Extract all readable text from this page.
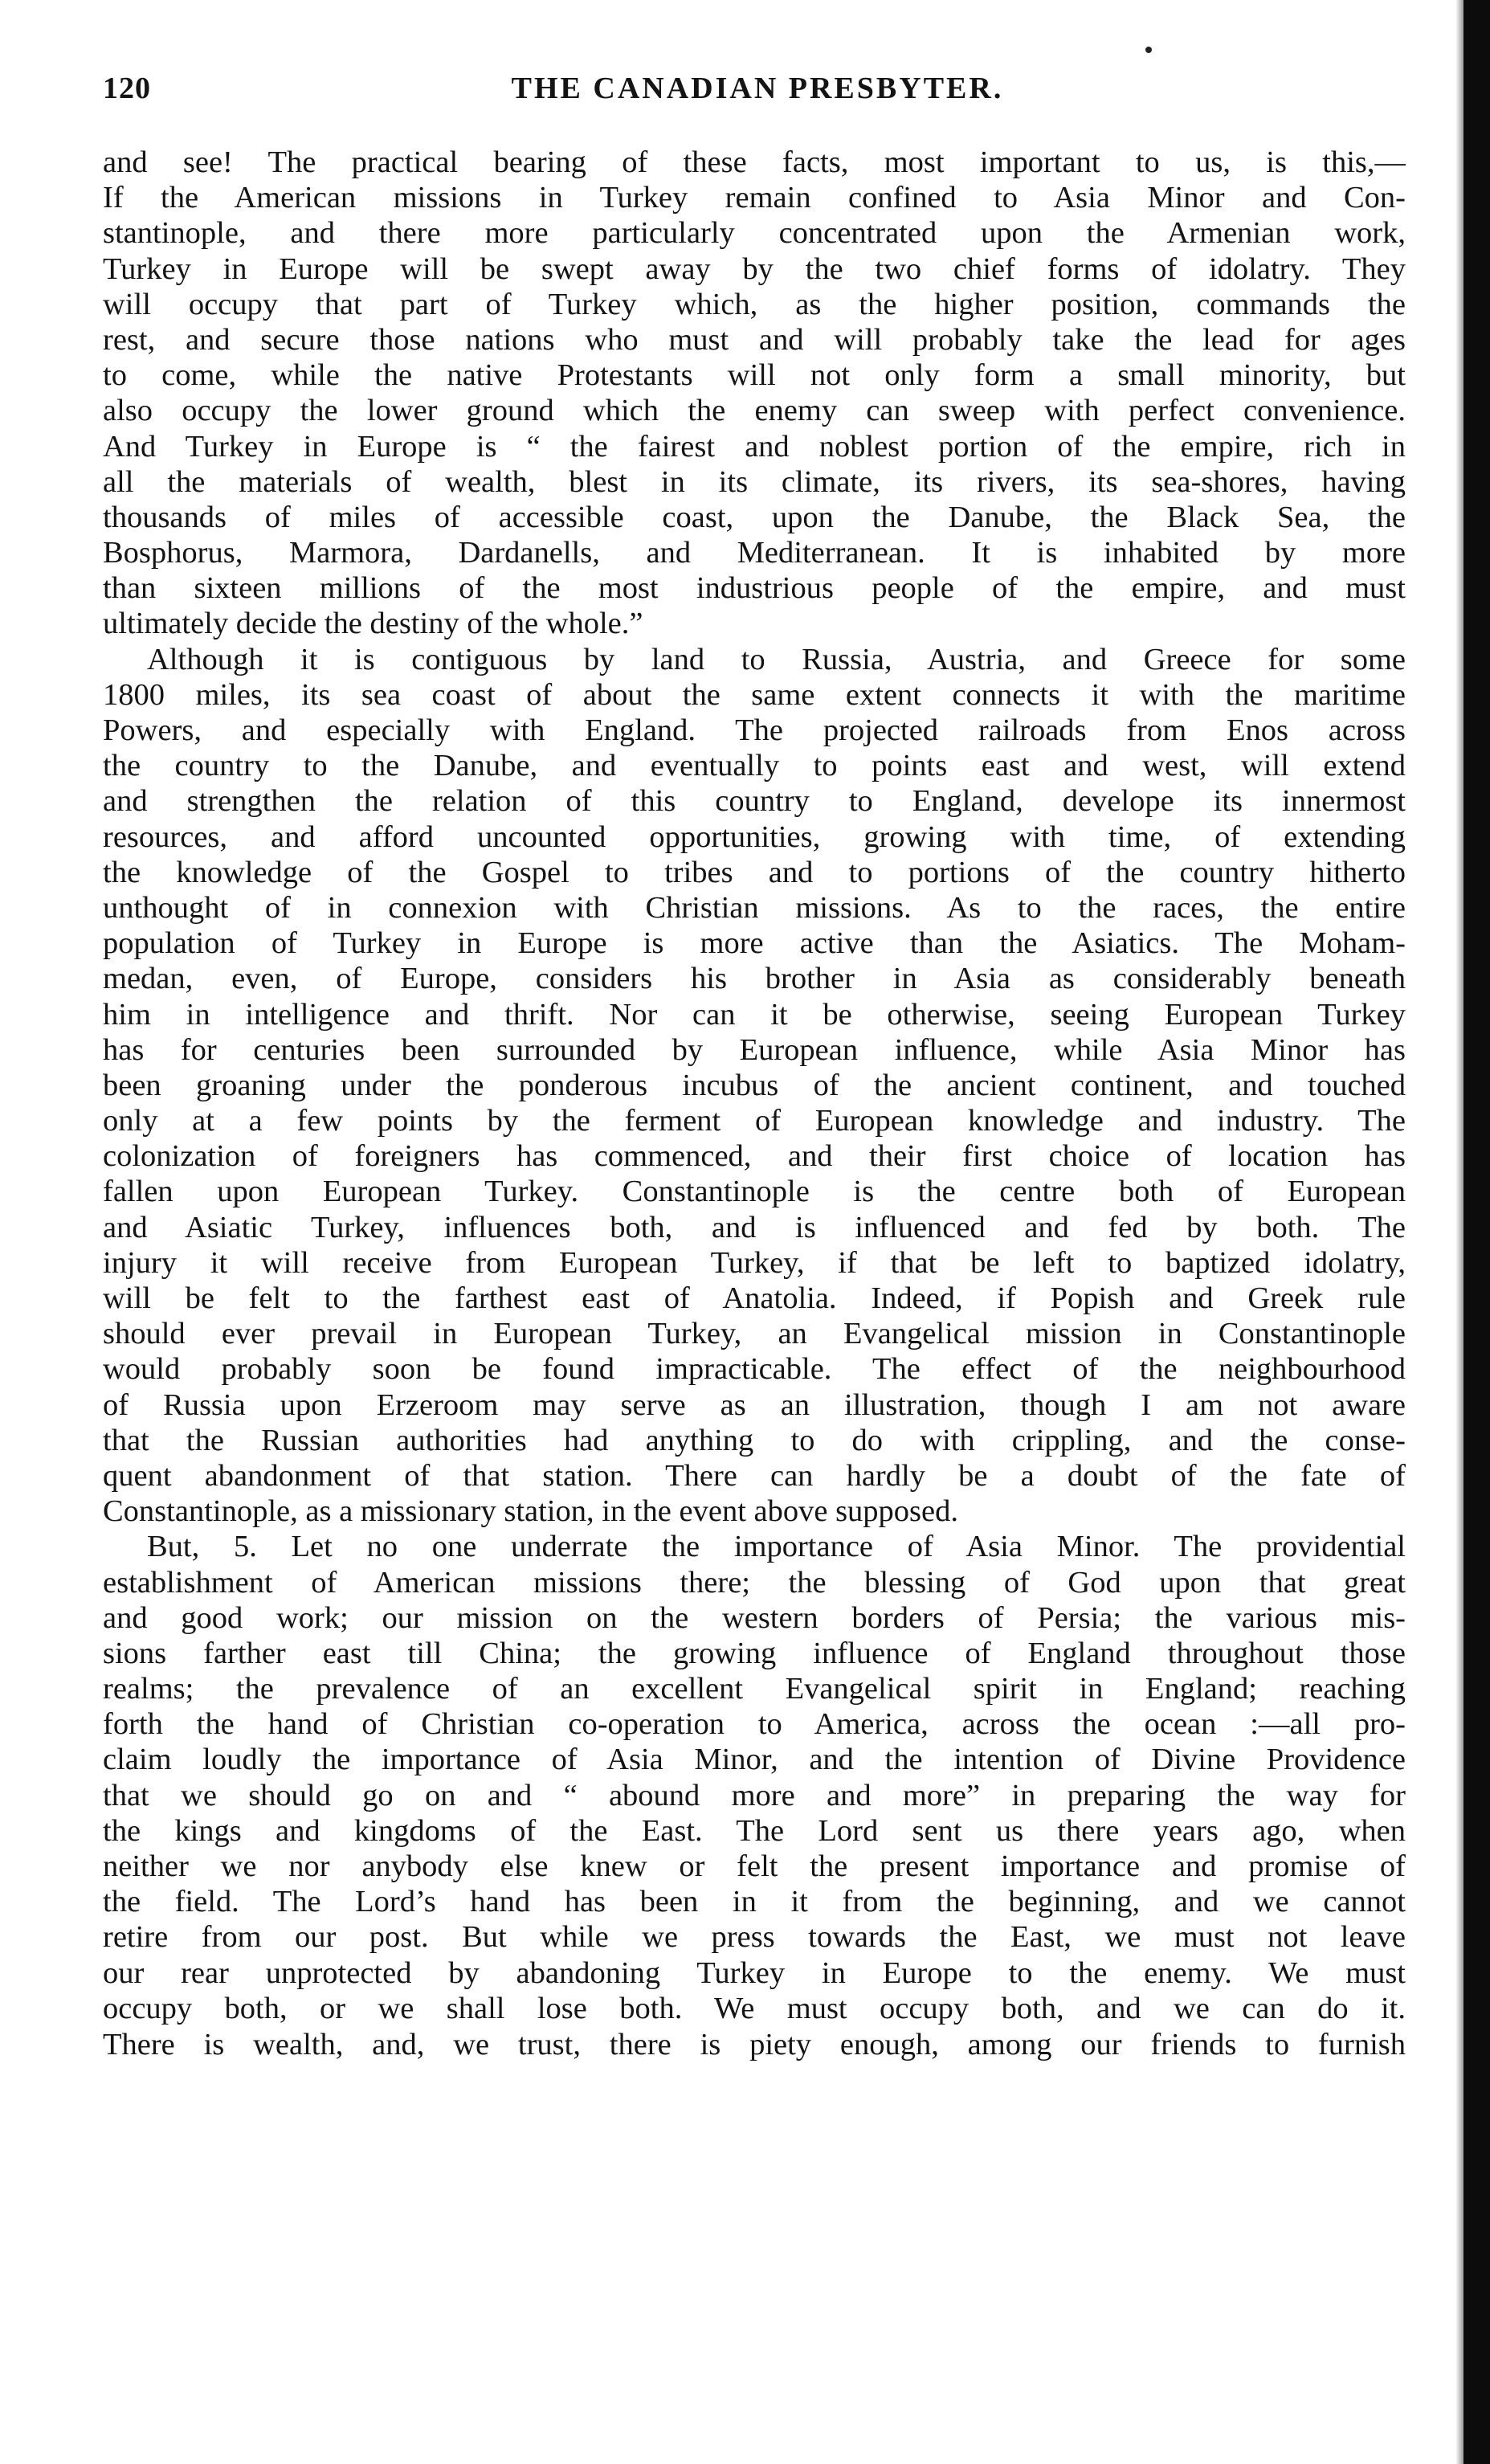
120	THE CANADIAN PRESBYTER.
and see! The practical bearing of these facts, most important to us, is this,—
If the American missions in Turkey remain confined to Asia Minor and Con-
stantinople, and there more particularly concentrated upon the Armenian work,
Turkey in Europe will be swept away by the two chief forms of idolatry. They
will occupy that part of Turkey which, as the higher position, commands the
rest, and secure those nations who must and will probably take the lead for ages
to come, while the native Protestants will not only form a small minority, but
also occupy the lower ground which the enemy can sweep with perfect convenience.
And Turkey in Europe is “ the fairest and noblest portion of the empire, rich in
all the materials of wealth, blest in its climate, its rivers, its sea-shores, having
thousands of miles of accessible coast, upon the Danube, the Black Sea, the
Bosphorus, Marmora, Dardanells, and Mediterranean. It is inhabited by more
than sixteen millions of the most industrious people of the empire, and must
ultimately decide the destiny of the whole.”
Although it is contiguous by land to Russia, Austria, and Greece for some
1800 miles, its sea coast of about the same extent connects it with the maritime
Powers, and especially with England. The projected railroads from Enos across
the country to the Danube, and eventually to points east and west, will extend
and strengthen the relation of this country to England, develope its innermost
resources, and afford uncounted opportunities, growing with time, of extending
the knowledge of the Gospel to tribes and to portions of the country hitherto
unthought of in connexion with Christian missions. As to the races, the entire
population of Turkey in Europe is more active than the Asiatics. The Moham-
medan, even, of Europe, considers his brother in Asia as considerably beneath
him in intelligence and thrift. Nor can it be otherwise, seeing European Turkey
has for centuries been surrounded by European influence, while Asia Minor has
been groaning under the ponderous incubus of the ancient continent, and touched
only at a few points by the ferment of European knowledge and industry. The
colonization of foreigners has commenced, and their first choice of location has
fallen upon European Turkey. Constantinople is the centre both of European
and Asiatic Turkey, influences both, and is influenced and fed by both. The
injury it will receive from European Turkey, if that be left to baptized idolatry,
will be felt to the farthest east of Anatolia. Indeed, if Popish and Greek rule
should ever prevail in European Turkey, an Evangelical mission in Constantinople
would probably soon be found impracticable. The effect of the neighbourhood
of Russia upon Erzeroom may serve as an illustration, though I am not aware
that the Russian authorities had anything to do with crippling, and the conse-
quent abandonment of that station. There can hardly be a doubt of the fate of
Constantinople, as a missionary station, in the event above supposed.
But, 5. Let no one underrate the importance of Asia Minor. The providential
establishment of American missions there; the blessing of God upon that great
and good work; our mission on the western borders of Persia; the various mis-
sions farther east till China; the growing influence of England throughout those
realms; the prevalence of an excellent Evangelical spirit in England; reaching
forth the hand of Christian co-operation to America, across the ocean :—all pro-
claim loudly the importance of Asia Minor, and the intention of Divine Providence
that we should go on and “ abound more and more” in preparing the way for
the kings and kingdoms of the East. The Lord sent us there years ago, when
neither we nor anybody else knew or felt the present importance and promise of
the field. The Lord’s hand has been in it from the beginning, and we cannot
retire from our post. But while we press towards the East, we must not leave
our rear unprotected by abandoning Turkey in Europe to the enemy. We must
occupy both, or we shall lose both. We must occupy both, and we can do it.
There is wealth, and, we trust, there is piety enough, among our friends to furnish
